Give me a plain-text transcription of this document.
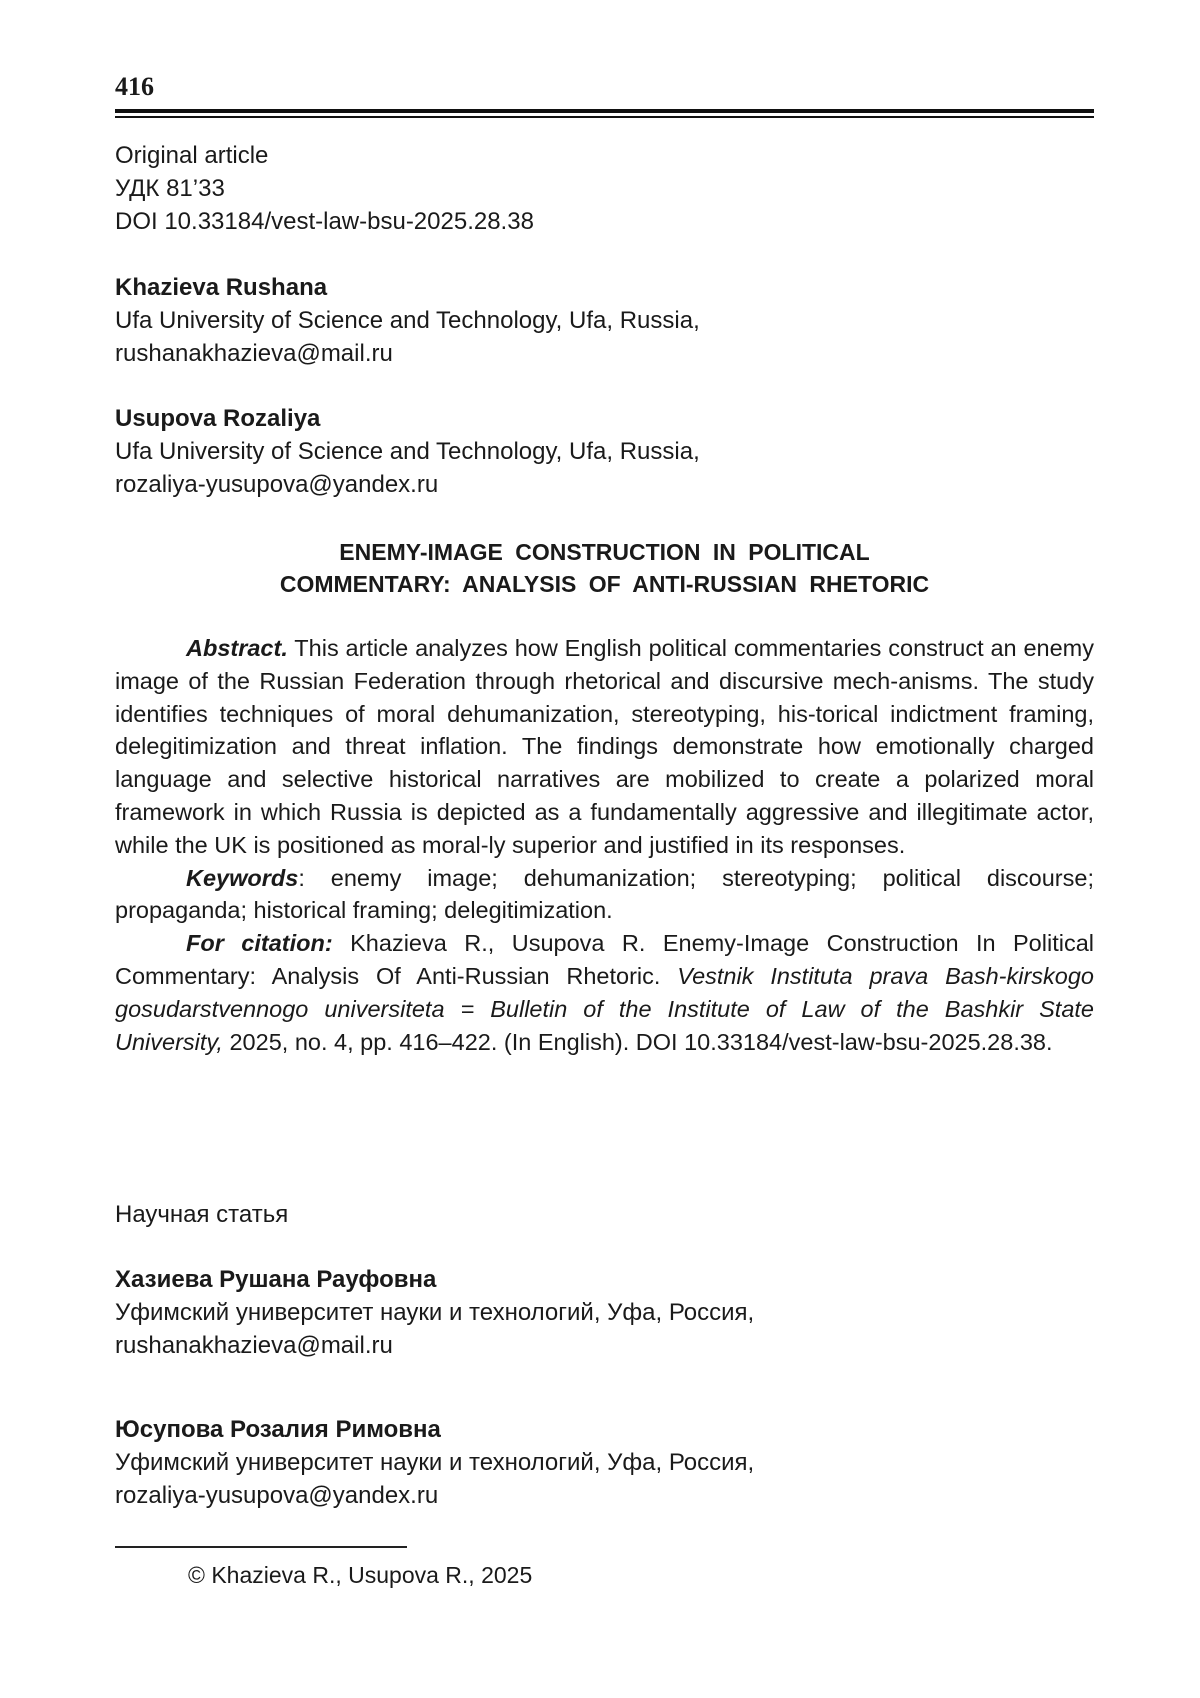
416
Original article
УДК 81’33
DOI 10.33184/vest-law-bsu-2025.28.38
Khazieva Rushana
Ufa University of Science and Technology, Ufa, Russia,
rushanakhazieva@mail.ru
Usupova Rozaliya
Ufa University of Science and Technology, Ufa, Russia,
rozaliya-yusupova@yandex.ru
ENEMY-IMAGE CONSTRUCTION IN POLITICAL
COMMENTARY: ANALYSIS OF ANTI-RUSSIAN RHETORIC

Abstract. This article analyzes how English political commentaries construct an enemy image of the Russian Federation through rhetorical and discursive mech-anisms. The study identifies techniques of moral dehumanization, stereotyping, his-torical indictment framing, delegitimization and threat inflation. The findings demonstrate how emotionally charged language and selective historical narratives are mobilized to create a polarized moral framework in which Russia is depicted as a fundamentally aggressive and illegitimate actor, while the UK is positioned as moral-ly superior and justified in its responses.

Keywords: enemy image; dehumanization; stereotyping; political discourse; propaganda; historical framing; delegitimization.

For citation: Khazieva R., Usupova R. Enemy-Image Construction In Political Commentary: Analysis Of Anti-Russian Rhetoric. Vestnik Instituta prava Bash-kirskogo gosudarstvennogo universiteta = Bulletin of the Institute of Law of the Bashkir State University, 2025, no. 4, pp. 416–422. (In English). DOI 10.33184/vest-law-bsu-2025.28.38.

Научная статья
Хазиева Рушана Рауфовна
Уфимский университет науки и технологий, Уфа, Россия,
rushanakhazieva@mail.ru
Юсупова Розалия Римовна
Уфимский университет науки и технологий, Уфа, Россия,
rozaliya-yusupova@yandex.ru
© Khazieva R., Usupova R., 2025
